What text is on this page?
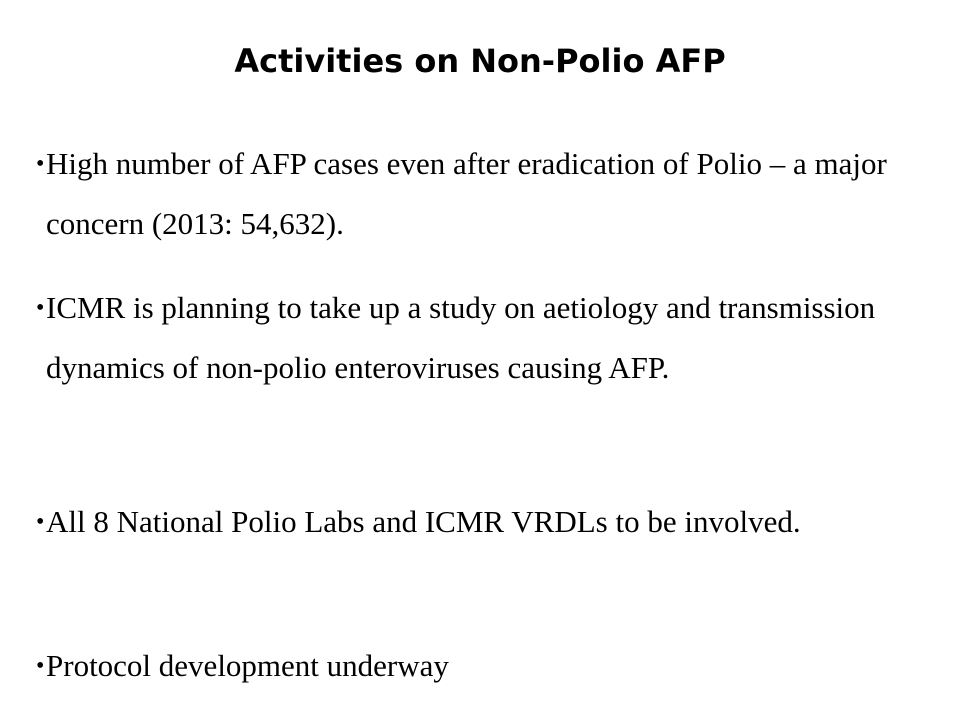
Activities on Non-Polio AFP
• High number of AFP cases even after eradication of Polio – a major concern (2013: 54,632).
• ICMR is planning to take up a study on aetiology and transmission dynamics of non-polio enteroviruses causing AFP.
• All 8 National Polio Labs and ICMR VRDLs to be involved.
• Protocol development underway
